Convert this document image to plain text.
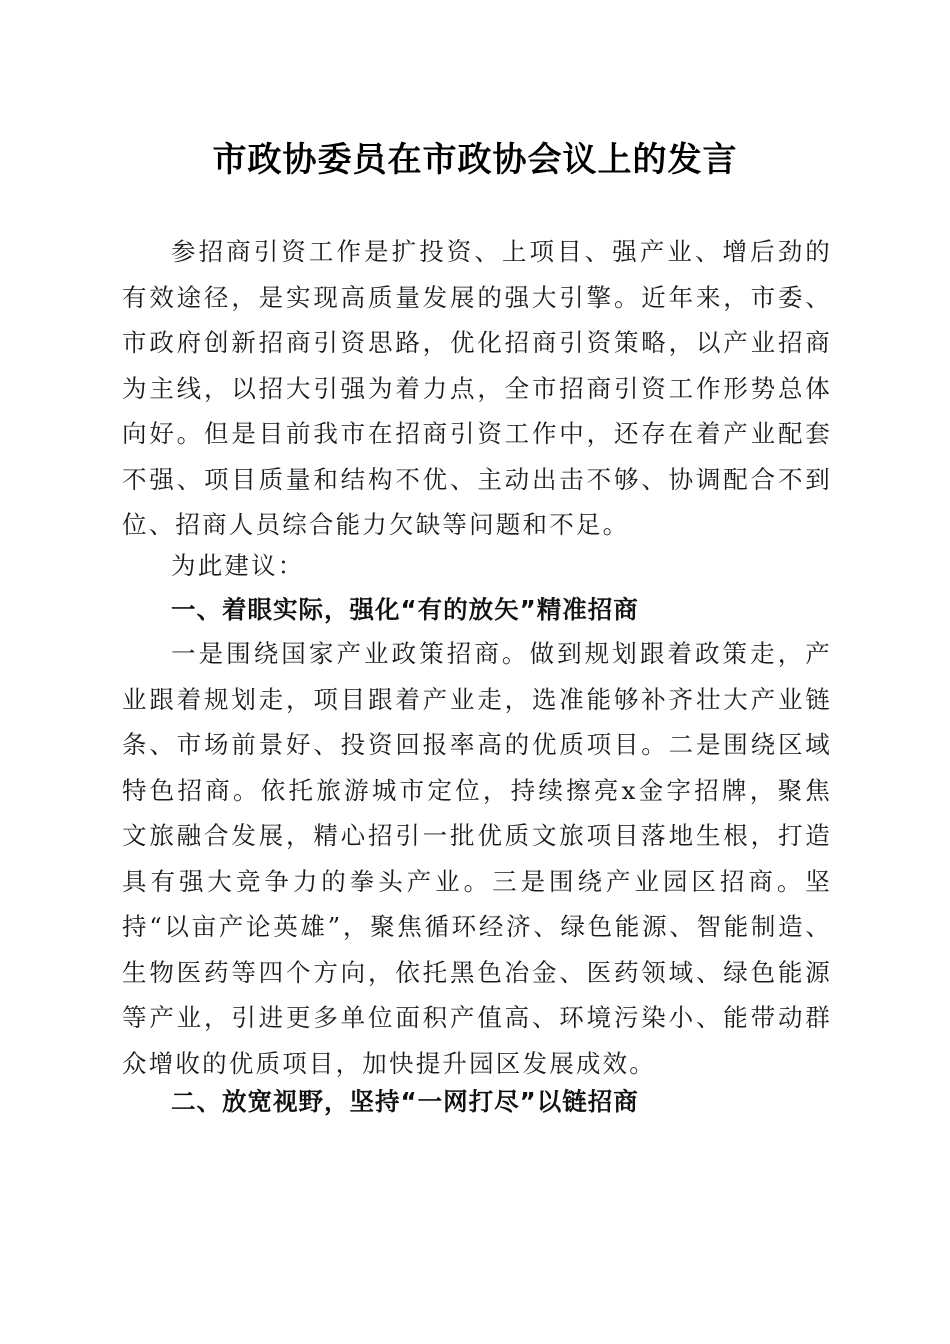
市政协委员在市政协会议上的发言

参招商引资工作是扩投资、上项目、强产业、增后劲的有效途径，是实现高质量发展的强大引擎。近年来，市委、市政府创新招商引资思路，优化招商引资策略，以产业招商为主线，以招大引强为着力点，全市招商引资工作形势总体向好。但是目前我市在招商引资工作中，还存在着产业配套不强、项目质量和结构不优、主动出击不够、协调配合不到位、招商人员综合能力欠缺等问题和不足。

为此建议：

一、着眼实际，强化“有的放矢”精准招商

一是围绕国家产业政策招商。做到规划跟着政策走，产业跟着规划走，项目跟着产业走，选准能够补齐壮大产业链条、市场前景好、投资回报率高的优质项目。二是围绕区域特色招商。依托旅游城市定位，持续擦亮x金字招牌，聚焦文旅融合发展，精心招引一批优质文旅项目落地生根，打造具有强大竞争力的拳头产业。三是围绕产业园区招商。坚持“以亩产论英雄”，聚焦循环经济、绿色能源、智能制造、生物医药等四个方向，依托黑色冶金、医药领域、绿色能源等产业，引进更多单位面积产值高、环境污染小、能带动群众增收的优质项目，加快提升园区发展成效。

二、放宽视野，坚持“一网打尽”以链招商
